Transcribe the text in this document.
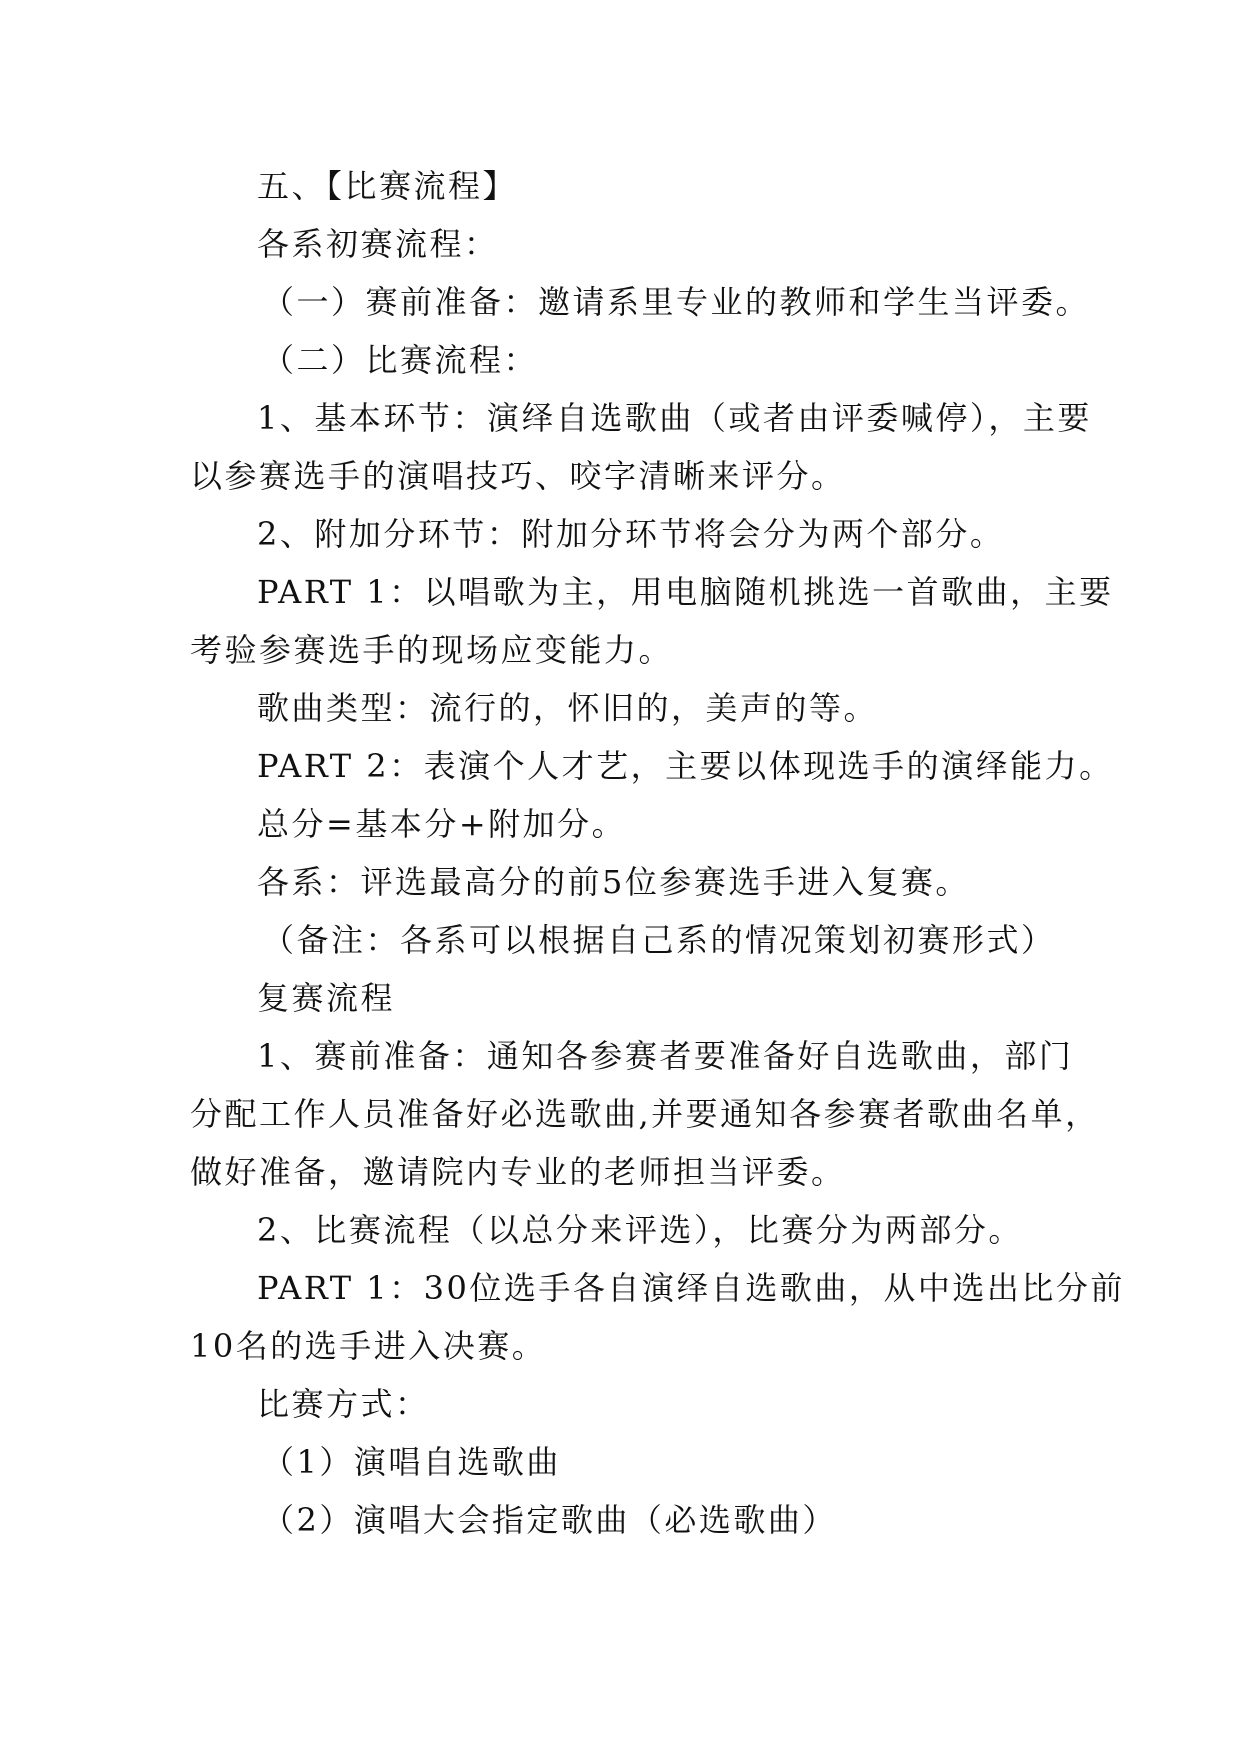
五、【比赛流程】
各系初赛流程：
（一）赛前准备：邀请系里专业的教师和学生当评委。
（二）比赛流程：
1、基本环节：演绎自选歌曲（或者由评委喊停），主要
以参赛选手的演唱技巧、咬字清晰来评分。
2、附加分环节：附加分环节将会分为两个部分。
PART 1：以唱歌为主，用电脑随机挑选一首歌曲，主要
考验参赛选手的现场应变能力。
歌曲类型：流行的，怀旧的，美声的等。
PART 2：表演个人才艺，主要以体现选手的演绎能力。
总分=基本分+附加分。
各系：评选最高分的前5位参赛选手进入复赛。
（备注：各系可以根据自己系的情况策划初赛形式）
复赛流程
1、赛前准备：通知各参赛者要准备好自选歌曲，部门
分配工作人员准备好必选歌曲,并要通知各参赛者歌曲名单，
做好准备，邀请院内专业的老师担当评委。
2、比赛流程（以总分来评选），比赛分为两部分。
PART 1：30位选手各自演绎自选歌曲，从中选出比分前
10名的选手进入决赛。
比赛方式：
（1）演唱自选歌曲
（2）演唱大会指定歌曲（必选歌曲）
